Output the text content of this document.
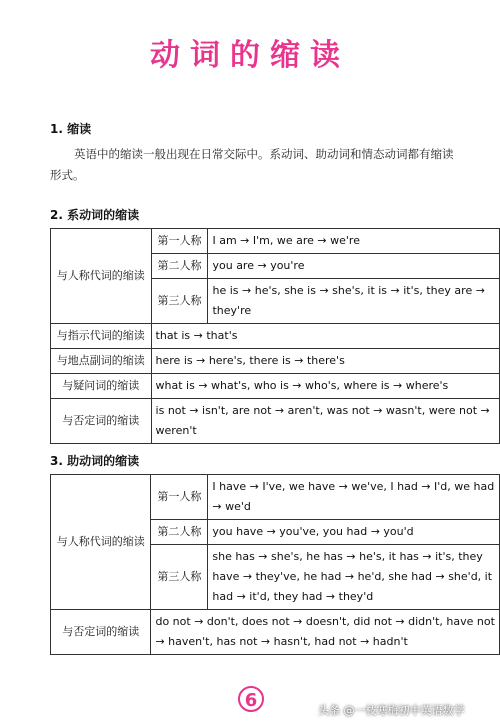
动词的缩读
1. 缩读
英语中的缩读一般出现在日常交际中。系动词、助动词和情态动词都有缩读形式。
2. 系动词的缩读
与人称代词的缩读	第一人称	I am → I'm, we are → we're
	第二人称	you are → you're
	第三人称	he is → he's, she is → she's, it is → it's, they are → they're
与指示代词的缩读	that is → that's	
与地点副词的缩读	here is → here's, there is → there's	
与疑问词的缩读	what is → what's, who is → who's, where is → where's	
与否定词的缩读	is not → isn't, are not → aren't, was not → wasn't, were not → weren't	
3. 助动词的缩读
与人称代词的缩读	第一人称	I have → I've, we have → we've, I had → I'd, we had → we'd
	第二人称	you have → you've, you had → you'd
	第三人称	she has → she's, he has → he's, it has → it's, they have → they've, he had → he'd, she had → she'd, it had → it'd, they had → they'd
与否定词的缩读	do not → don't, does not → doesn't, did not → didn't, have not → haven't, has not → hasn't, had not → hadn't	
6	头条 @一枝寒梅初中英语数学
